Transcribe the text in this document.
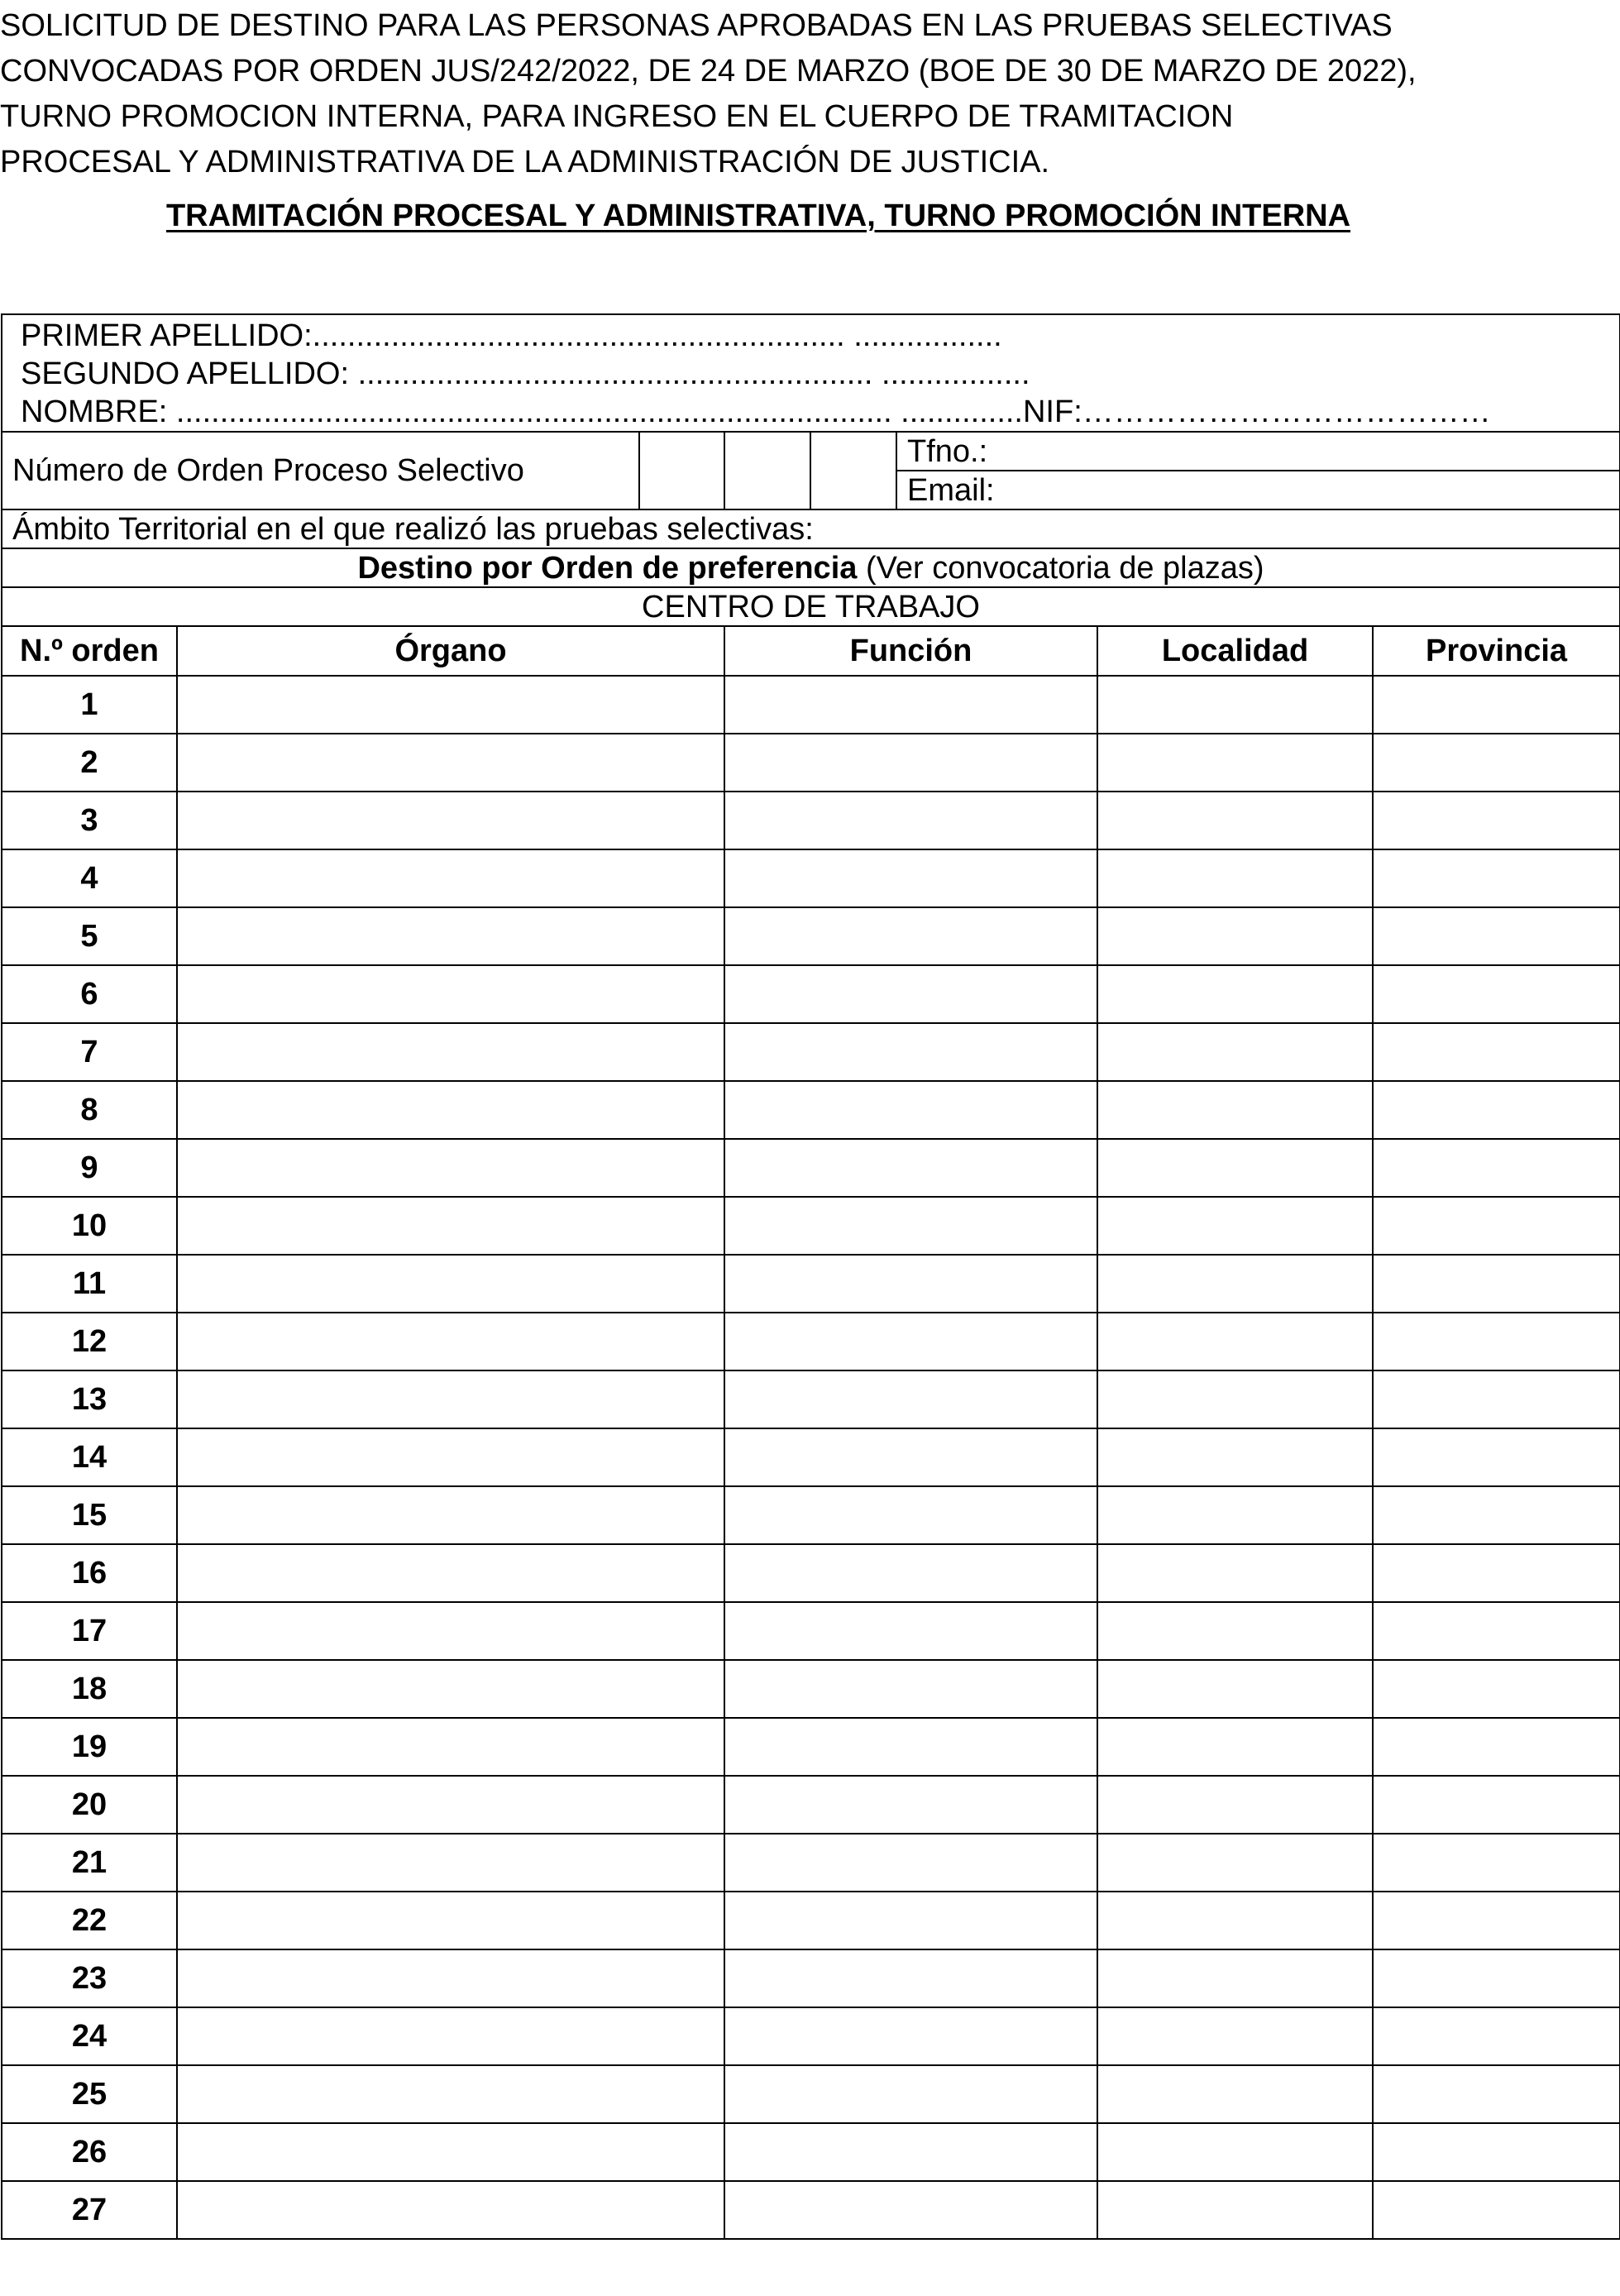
SOLICITUD DE DESTINO PARA LAS PERSONAS APROBADAS EN LAS PRUEBAS SELECTIVAS
CONVOCADAS POR ORDEN JUS/242/2022, DE 24 DE MARZO (BOE DE 30 DE MARZO DE 2022),
TURNO PROMOCION INTERNA, PARA INGRESO EN EL CUERPO DE TRAMITACION
PROCESAL Y ADMINISTRATIVA DE LA ADMINISTRACIÓN DE JUSTICIA.
TRAMITACIÓN PROCESAL Y ADMINISTRATIVA, TURNO PROMOCIÓN INTERNA
PRIMER APELLIDO:............................................................. .................
SEGUNDO APELLIDO: ........................................................... .................
NOMBRE: .................................................................................. ..............NIF:…………………………………							

Número de Orden Proceso Selectivo					Tfno.:		
					Email:		
Ámbito Territorial en el que realizó las pruebas selectivas:							
Destino por Orden de preferencia (Ver convocatoria de plazas)							
CENTRO DE TRABAJO							
N.º orden	Órgano		Función			Localidad	Provincia
1							
2							
3							
4							
5							
6							
7							
8							
9							
10							
11							
12							
13							
14							
15							
16							
17							
18							
19							
20							
21							
22							
23							
24							
25							
26							
27							
